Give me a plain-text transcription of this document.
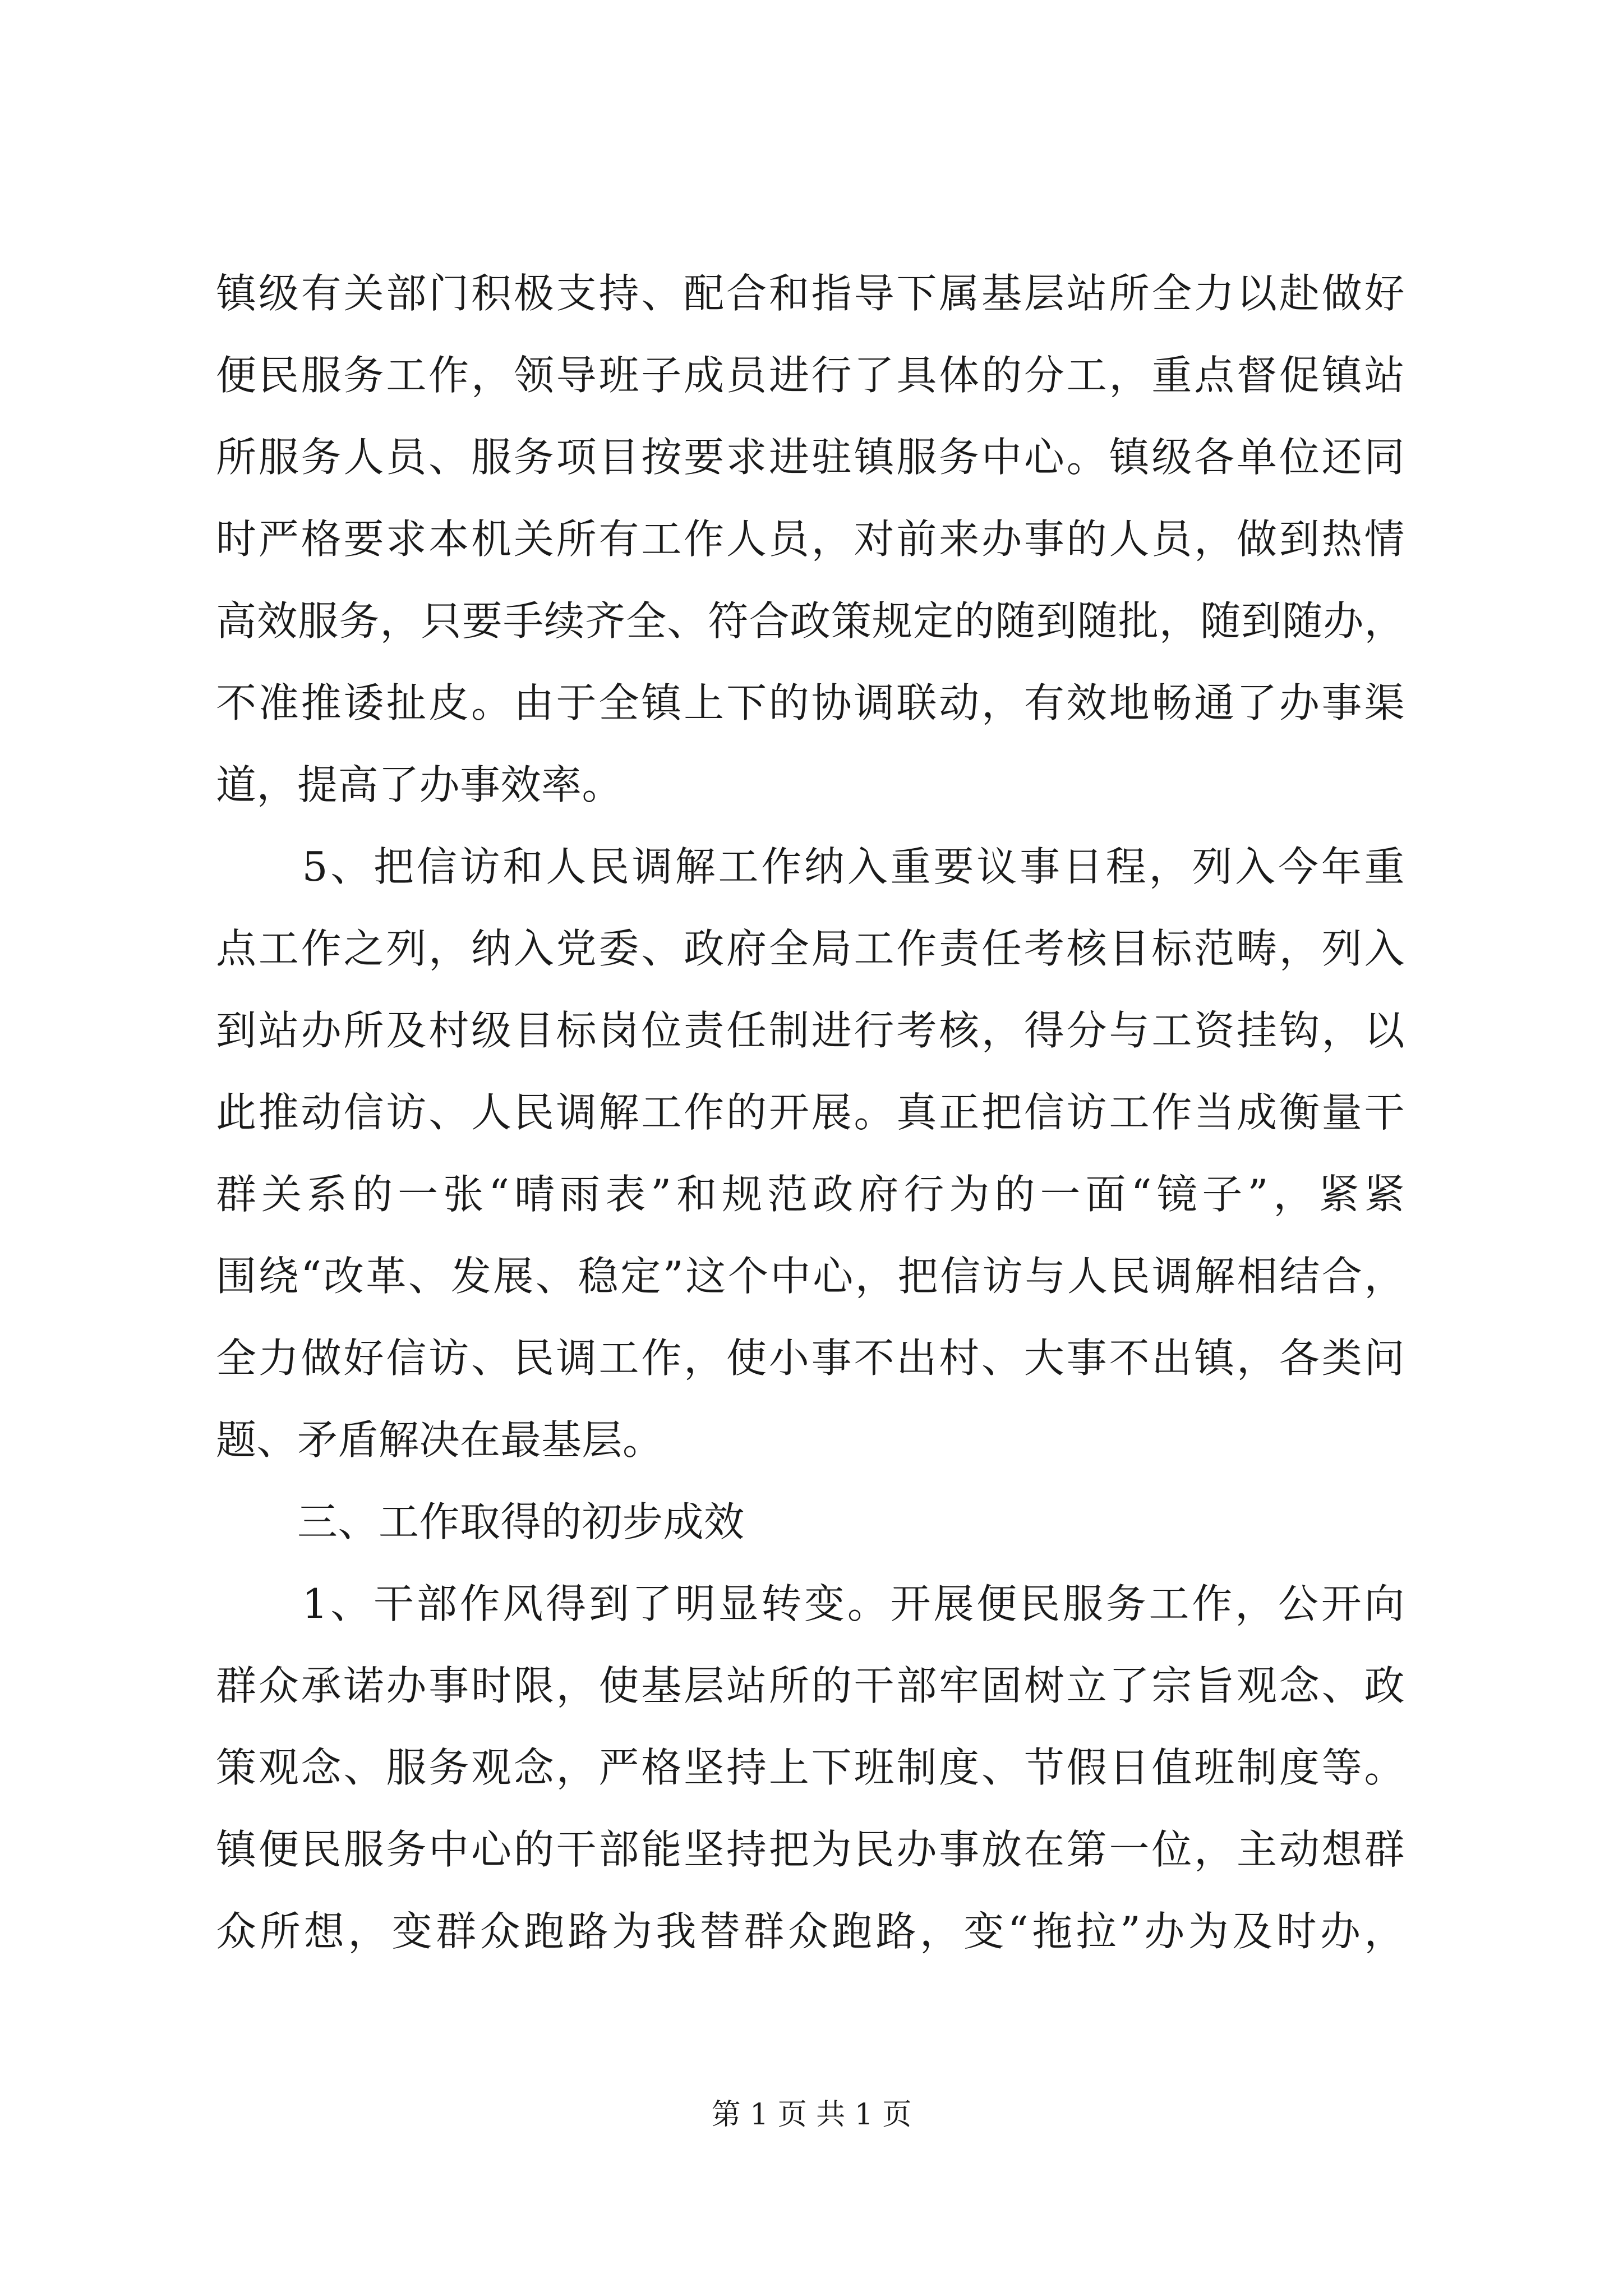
镇级有关部门积极支持、配合和指导下属基层站所全力以赴做好
便民服务工作，领导班子成员进行了具体的分工，重点督促镇站
所服务人员、服务项目按要求进驻镇服务中心。镇级各单位还同
时严格要求本机关所有工作人员，对前来办事的人员，做到热情
高效服务，只要手续齐全、符合政策规定的随到随批，随到随办，
不准推诿扯皮。由于全镇上下的协调联动，有效地畅通了办事渠
道，提高了办事效率。
　　5、把信访和人民调解工作纳入重要议事日程，列入今年重
点工作之列，纳入党委、政府全局工作责任考核目标范畴，列入
到站办所及村级目标岗位责任制进行考核，得分与工资挂钩，以
此推动信访、人民调解工作的开展。真正把信访工作当成衡量干
群关系的一张“晴雨表”和规范政府行为的一面“镜子”，紧紧
围绕“改革、发展、稳定”这个中心，把信访与人民调解相结合，
全力做好信访、民调工作，使小事不出村、大事不出镇，各类问
题、矛盾解决在最基层。
　　三、工作取得的初步成效
　　1、干部作风得到了明显转变。开展便民服务工作，公开向
群众承诺办事时限，使基层站所的干部牢固树立了宗旨观念、政
策观念、服务观念，严格坚持上下班制度、节假日值班制度等。
镇便民服务中心的干部能坚持把为民办事放在第一位，主动想群
众所想，变群众跑路为我替群众跑路，变“拖拉”办为及时办，
第 1 页 共 1 页
